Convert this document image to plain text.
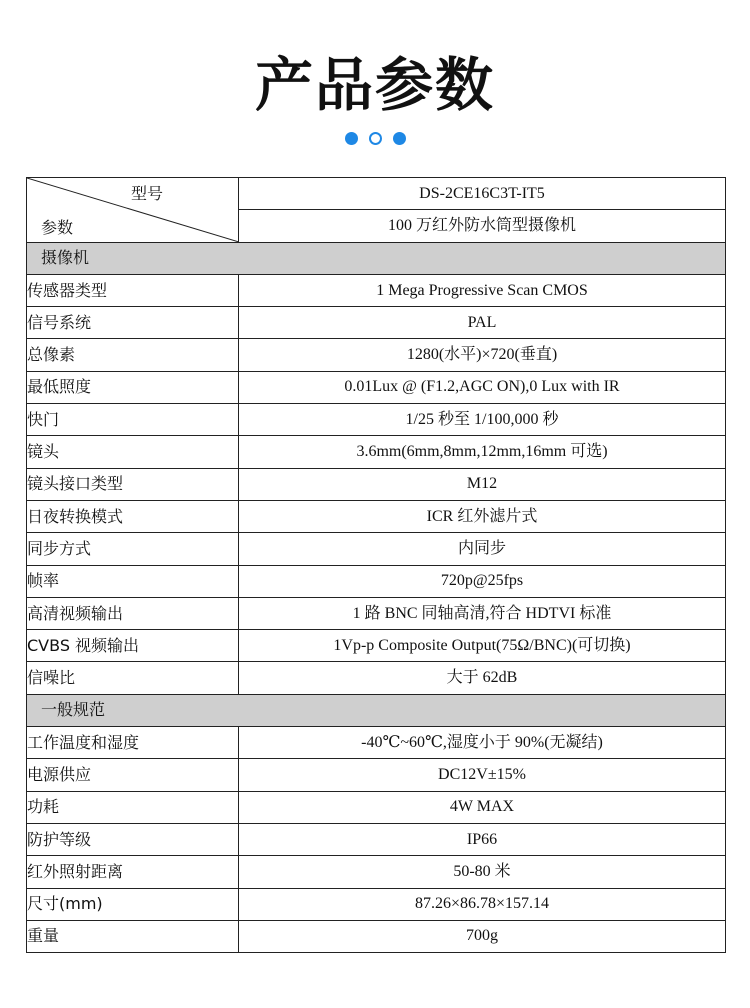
产品参数
型号
参数	DS-2CE16C3T-IT5
	100 万红外防水筒型摄像机
摄像机	
传感器类型	1 Mega Progressive Scan CMOS
信号系统	PAL
总像素	1280(水平)×720(垂直)
最低照度	0.01Lux @ (F1.2,AGC ON),0 Lux with IR
快门	1/25 秒至 1/100,000 秒
镜头	3.6mm(6mm,8mm,12mm,16mm 可选)
镜头接口类型	M12
日夜转换模式	ICR 红外滤片式
同步方式	内同步
帧率	720p@25fps
高清视频输出	1 路 BNC 同轴高清,符合 HDTVI 标准
CVBS 视频输出	1Vp-p Composite Output(75Ω/BNC)(可切换)
信噪比	大于 62dB
一般规范	
工作温度和湿度	-40℃~60℃,湿度小于 90%(无凝结)
电源供应	DC12V±15%
功耗	4W MAX
防护等级	IP66
红外照射距离	50-80 米
尺寸(mm)	87.26×86.78×157.14
重量	700g
